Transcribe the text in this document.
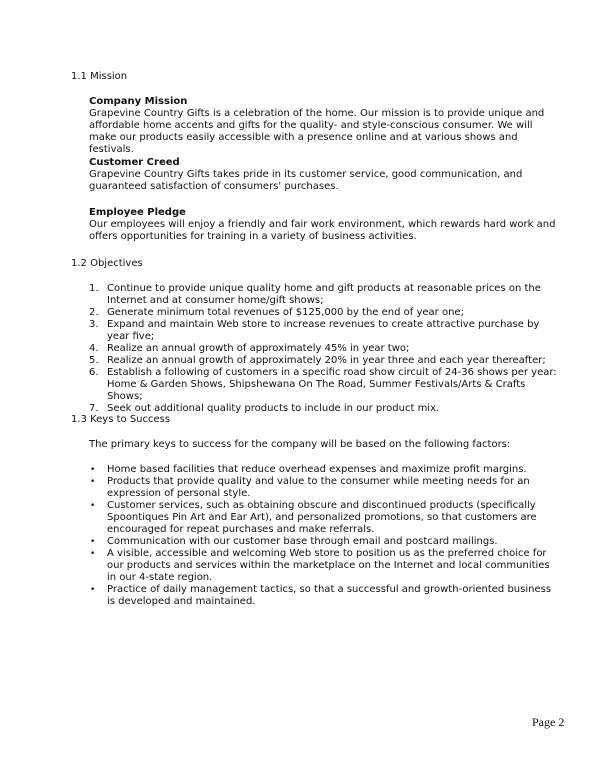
1.1 Mission

Company Mission

Grapevine Country Gifts is a celebration of the home. Our mission is to provide unique and affordable home accents and gifts for the quality- and style-conscious consumer. We will make our products easily accessible with a presence online and at various shows and festivals.

Customer Creed

Grapevine Country Gifts takes pride in its customer service, good communication, and guaranteed satisfaction of consumers' purchases.

Employee Pledge

Our employees will enjoy a friendly and fair work environment, which rewards hard work and offers opportunities for training in a variety of business activities.

1.2 Objectives
1. Continue to provide unique quality home and gift products at reasonable prices on the Internet and at consumer home/gift shows;
2. Generate minimum total revenues of $125,000 by the end of year one;
3. Expand and maintain Web store to increase revenues to create attractive purchase by year five;
4. Realize an annual growth of approximately 45% in year two;
5. Realize an annual growth of approximately 20% in year three and each year thereafter;
6. Establish a following of customers in a specific road show circuit of 24-36 shows per year: Home & Garden Shows, Shipshewana On The Road, Summer Festivals/Arts & Crafts Shows;
7. Seek out additional quality products to include in our product mix.
1.3 Keys to Success

The primary keys to success for the company will be based on the following factors:

• Home based facilities that reduce overhead expenses and maximize profit margins.
• Products that provide quality and value to the consumer while meeting needs for an expression of personal style.
• Customer services, such as obtaining obscure and discontinued products (specifically Spoontiques Pin Art and Ear Art), and personalized promotions, so that customers are encouraged for repeat purchases and make referrals.
• Communication with our customer base through email and postcard mailings.
• A visible, accessible and welcoming Web store to position us as the preferred choice for our products and services within the marketplace on the Internet and local communities in our 4-state region.
• Practice of daily management tactics, so that a successful and growth-oriented business is developed and maintained.
Page 2
